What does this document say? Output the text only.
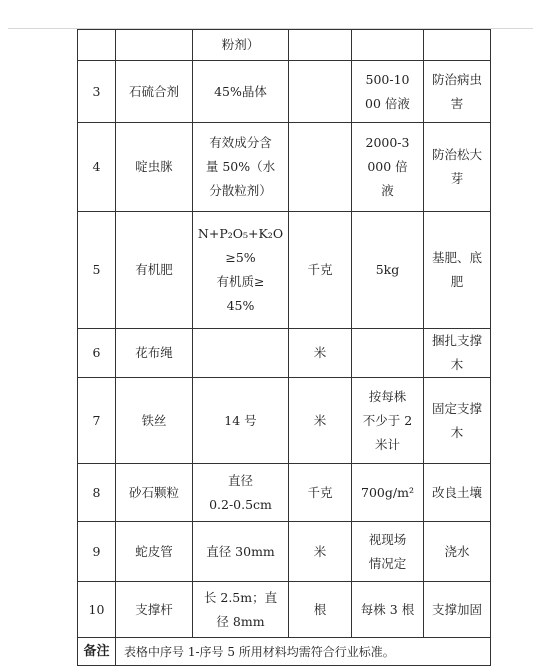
		粉剂）			

3	石硫合剂	45%晶体		500-10
00 倍液	防治病虫害
4	啶虫脒	有效成分含
量 50%（水
分散粒剂）		2000-3
000 倍
液	防治松大
芽

5	有机肥	N+P₂O₅+K₂O
≥5%
有机质≥
45%	千克	5kg	基肥、底肥
6	花布绳		米		捆扎支撑木
7	铁丝	14 号	米	按每株
不少于 2
米计	固定支撑木
8	砂石颗粒	直径
0.2-0.5cm	千克	700g/m²	改良土壤
9	蛇皮管	直径 30mm	米	视现场
情况定	浇水
10	支撑杆	长 2.5m；直
径 8mm	根	每株 3 根	支撑加固
备注	表格中序号 1-序号 5 所用材料均需符合行业标准。				
